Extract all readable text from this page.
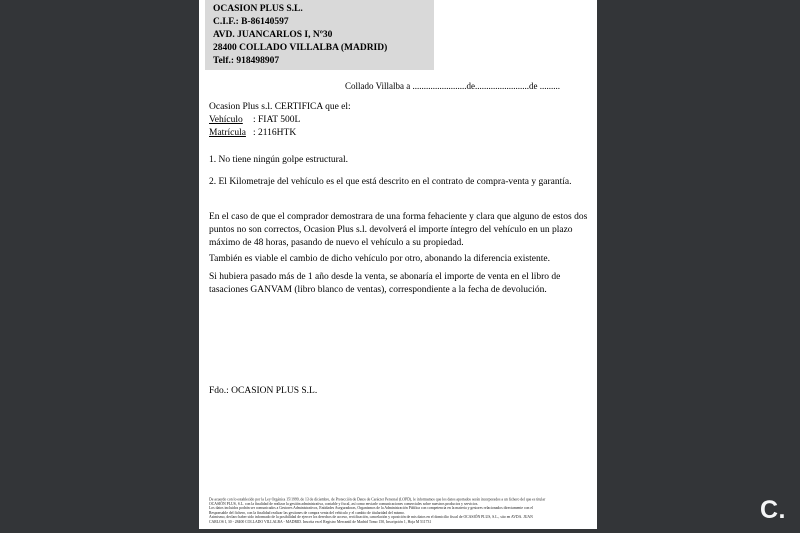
OCASION PLUS S.L.
C.I.F.: B-86140597
AVD. JUANCARLOS I, Nº30
28400 COLLADO VILLALBA (MADRID)
Telf.: 918498907
Collado Villalba a ........................de........................de .........
Ocasion Plus s.l. CERTIFICA que el:
Vehículo : FIAT 500L
Matrícula : 2116HTK
1. No tiene ningún golpe estructural.
2. El Kilometraje del vehículo es el que está descrito en el contrato de compra-venta y garantía.
En el caso de que el comprador demostrara de una forma fehaciente y clara que alguno de estos dos puntos no son correctos, Ocasion Plus s.l. devolverá el importe íntegro del vehículo en un plazo máximo de 48 horas, pasando de nuevo el vehículo a su propiedad.
También es viable el cambio de dicho vehículo por otro, abonando la diferencia existente.
Si hubiera pasado más de 1 año desde la venta, se abonaría el importe de venta en el libro de tasaciones GANVAM (libro blanco de ventas), correspondiente a la fecha de devolución.
Fdo.: OCASION PLUS S.L.
De acuerdo con lo establecido por la Ley Orgánica 15/1999, de 13 de diciembre, de Protección de Datos de Carácter Personal (LOPD), le informamos que los datos aportados serán incorporados a un fichero del que es titular
OCASIÓN PLUS, S.L. con la finalidad de realizar la gestión administrativa, contable y fiscal, así como enviarle comunicaciones comerciales sobre nuestros productos y servicios.
Los datos incluidos podrán ser comunicados a Gestores Administrativos, Entidades Aseguradoras, Organismos de la Administración Pública con competencia en la materia y gestores relacionados directamente con el
Responsable del fichero, con la finalidad realizar las gestiones de compra venta del vehículo y el cambio de titularidad del mismo.
Asimismo, declaro haber sido informado de la posibilidad de ejercer los derechos de acceso, rectificación, cancelación y oposición de mis datos en el domicilio fiscal de OCASIÓN PLUS, S.L., sito en AVDA. JUAN
CARLOS I, 30 - 28400 COLLADO VILLALBA - MADRID. Inscrita en el Registro Mercantil de Madrid Tomo 150, Inscripción 1, Hoja M 511731	C.
